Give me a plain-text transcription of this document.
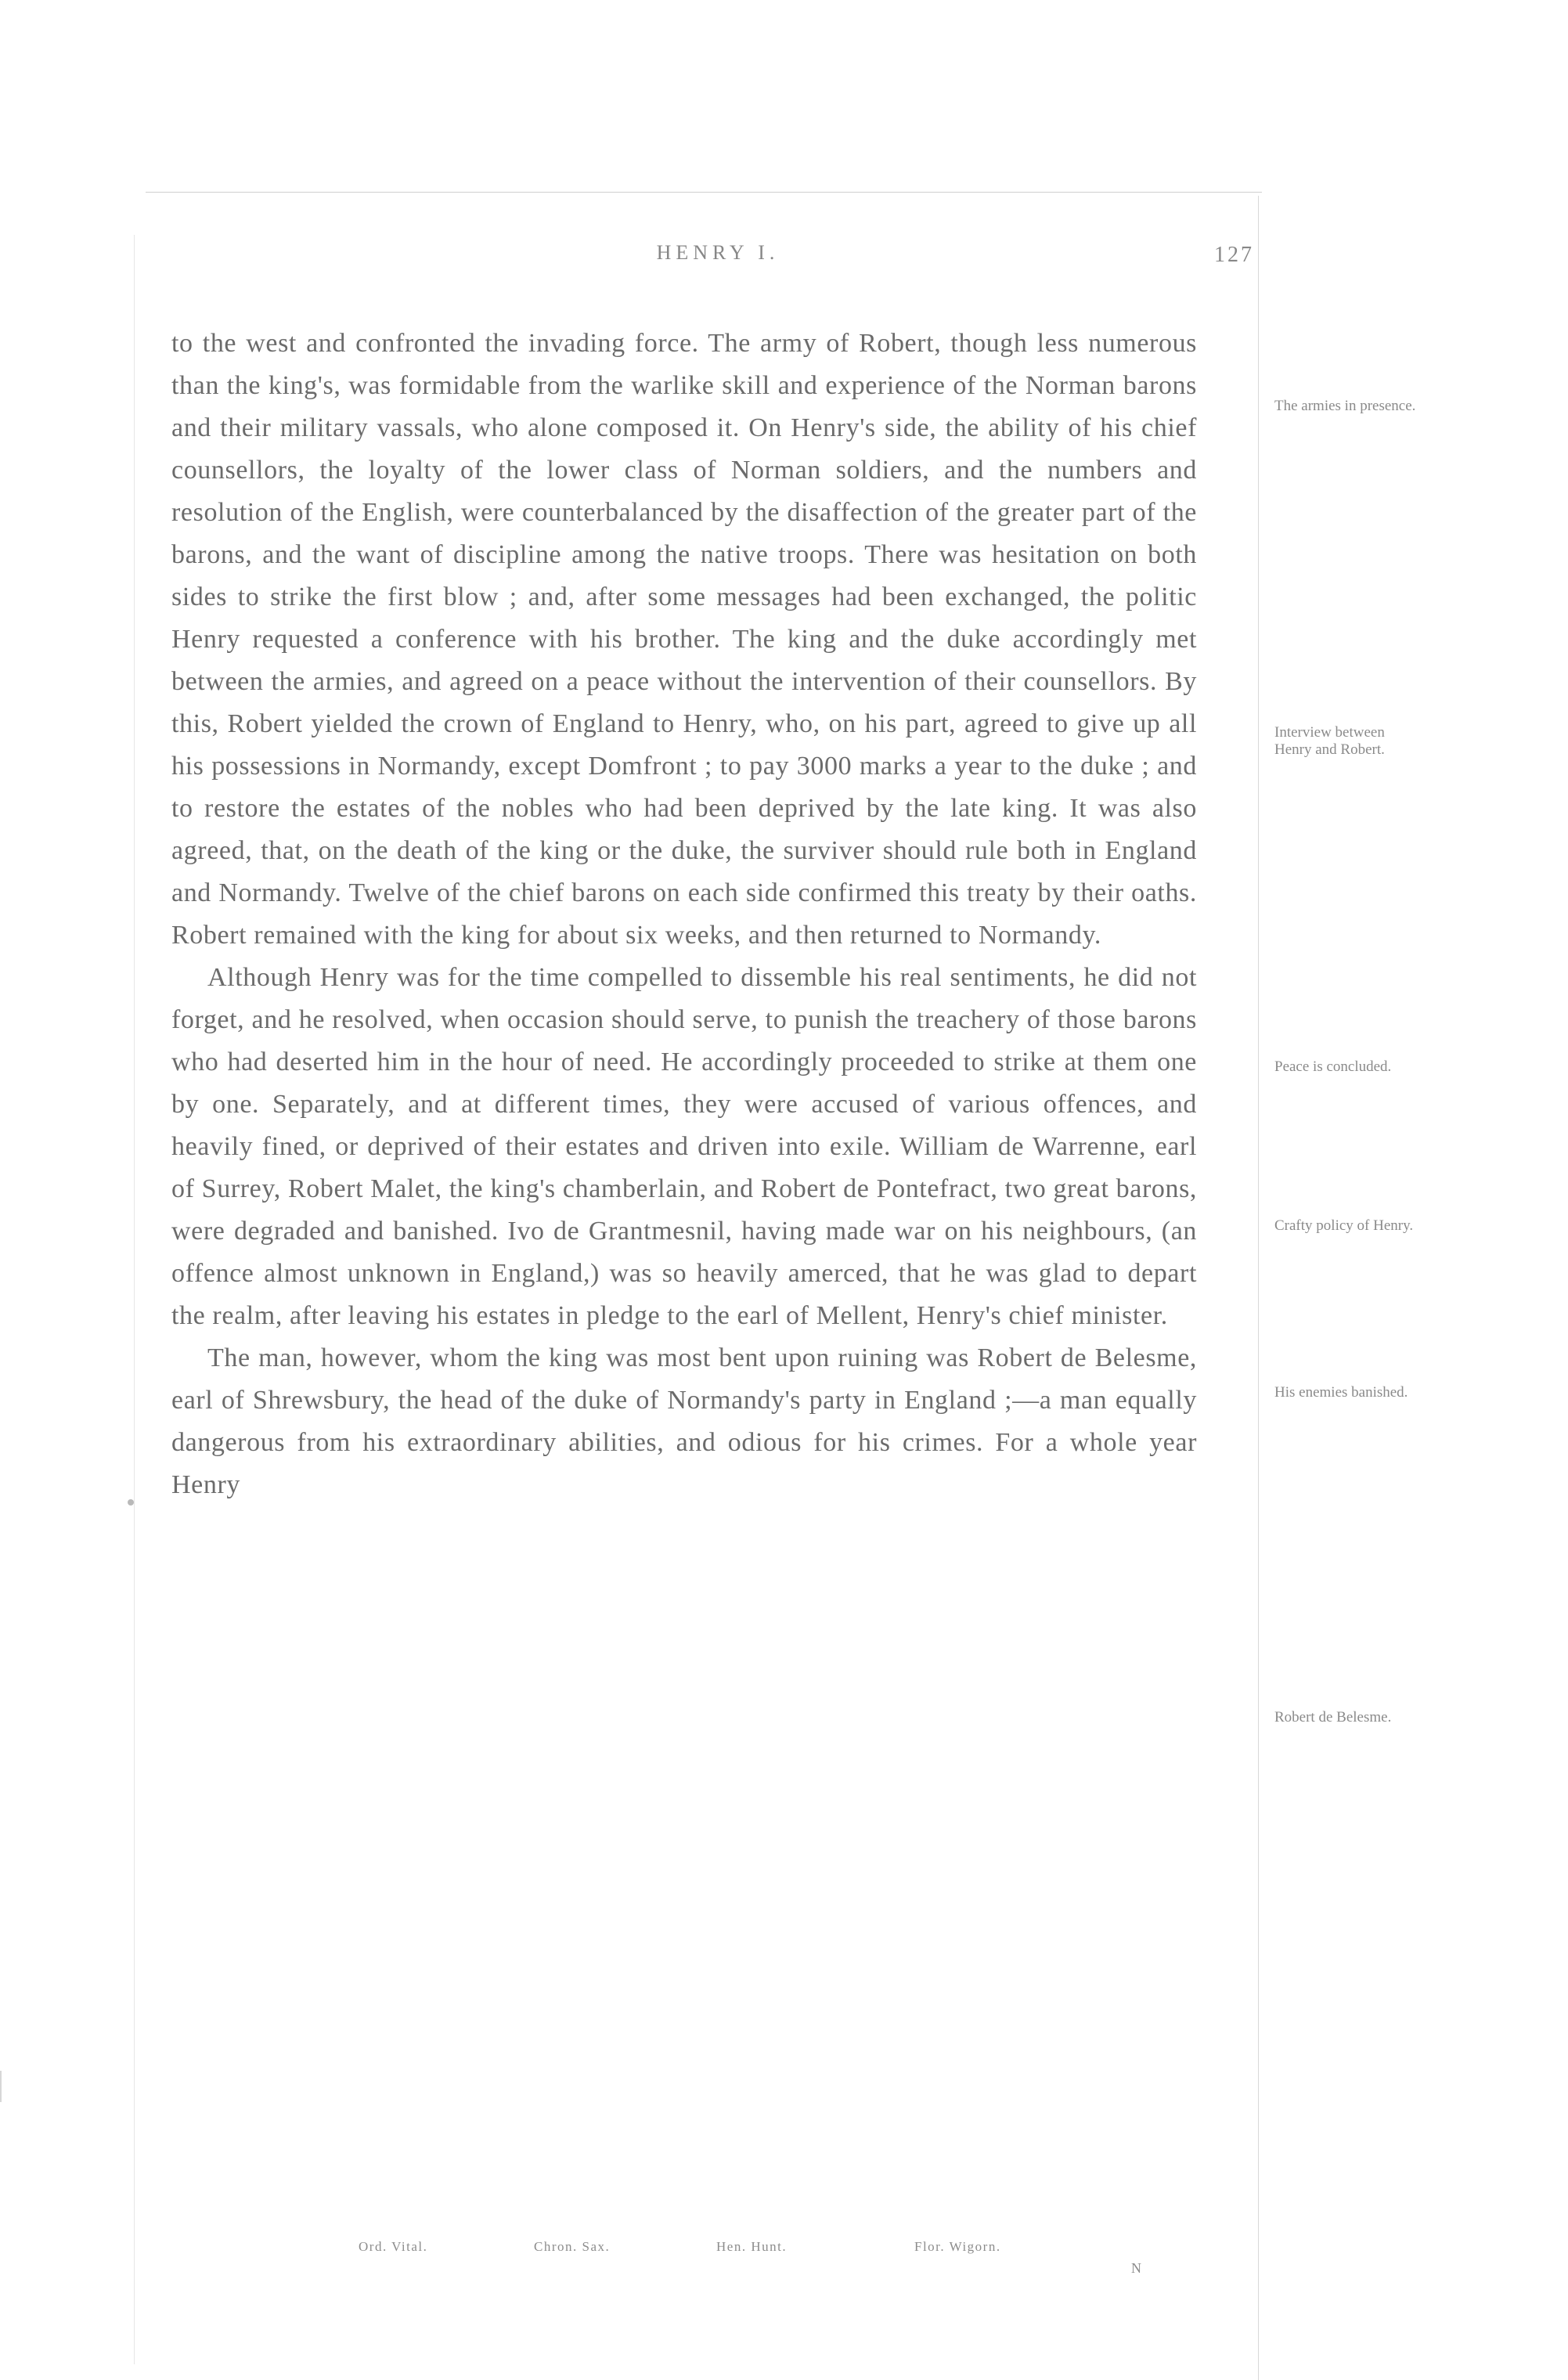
HENRY I.	127

to the west and confronted the invading force. The army of Robert, though less numerous than the king's, was formidable from the warlike skill and experience of the Norman barons and their military vassals, who alone composed it. On Henry's side, the ability of his chief counsellors, the loyalty of the lower class of Norman soldiers, and the numbers and resolution of the English, were counterbalanced by the disaffection of the greater part of the barons, and the want of discipline among the native troops. There was hesitation on both sides to strike the first blow ; and, after some messages had been exchanged, the politic Henry requested a conference with his brother. The king and the duke accordingly met between the armies, and agreed on a peace without the intervention of their counsellors. By this, Robert yielded the crown of England to Henry, who, on his part, agreed to give up all his possessions in Normandy, except Domfront ; to pay 3000 marks a year to the duke ; and to restore the estates of the nobles who had been deprived by the late king. It was also agreed, that, on the death of the king or the duke, the surviver should rule both in England and Normandy. Twelve of the chief barons on each side confirmed this treaty by their oaths. Robert remained with the king for about six weeks, and then returned to Normandy.

Although Henry was for the time compelled to dissemble his real sentiments, he did not forget, and he resolved, when occasion should serve, to punish the treachery of those barons who had deserted him in the hour of need. He accordingly proceeded to strike at them one by one. Separately, and at different times, they were accused of various offences, and heavily fined, or deprived of their estates and driven into exile. William de Warrenne, earl of Surrey, Robert Malet, the king's chamberlain, and Robert de Pontefract, two great barons, were degraded and banished. Ivo de Grantmesnil, having made war on his neighbours, (an offence almost unknown in England,) was so heavily amerced, that he was glad to depart the realm, after leaving his estates in pledge to the earl of Mellent, Henry's chief minister.

The man, however, whom the king was most bent upon ruining was Robert de Belesme, earl of Shrewsbury, the head of the duke of Normandy's party in England ;—a man equally dangerous from his extraordinary abilities, and odious for his crimes. For a whole year Henry

The armies in presence.
Interview between Henry and Robert.
Peace is concluded.
Crafty policy of Henry.
His enemies banished.
Robert de Belesme.
Ord. Vital.	Chron. Sax.	Hen. Hunt.	Flor. Wigorn.
N
